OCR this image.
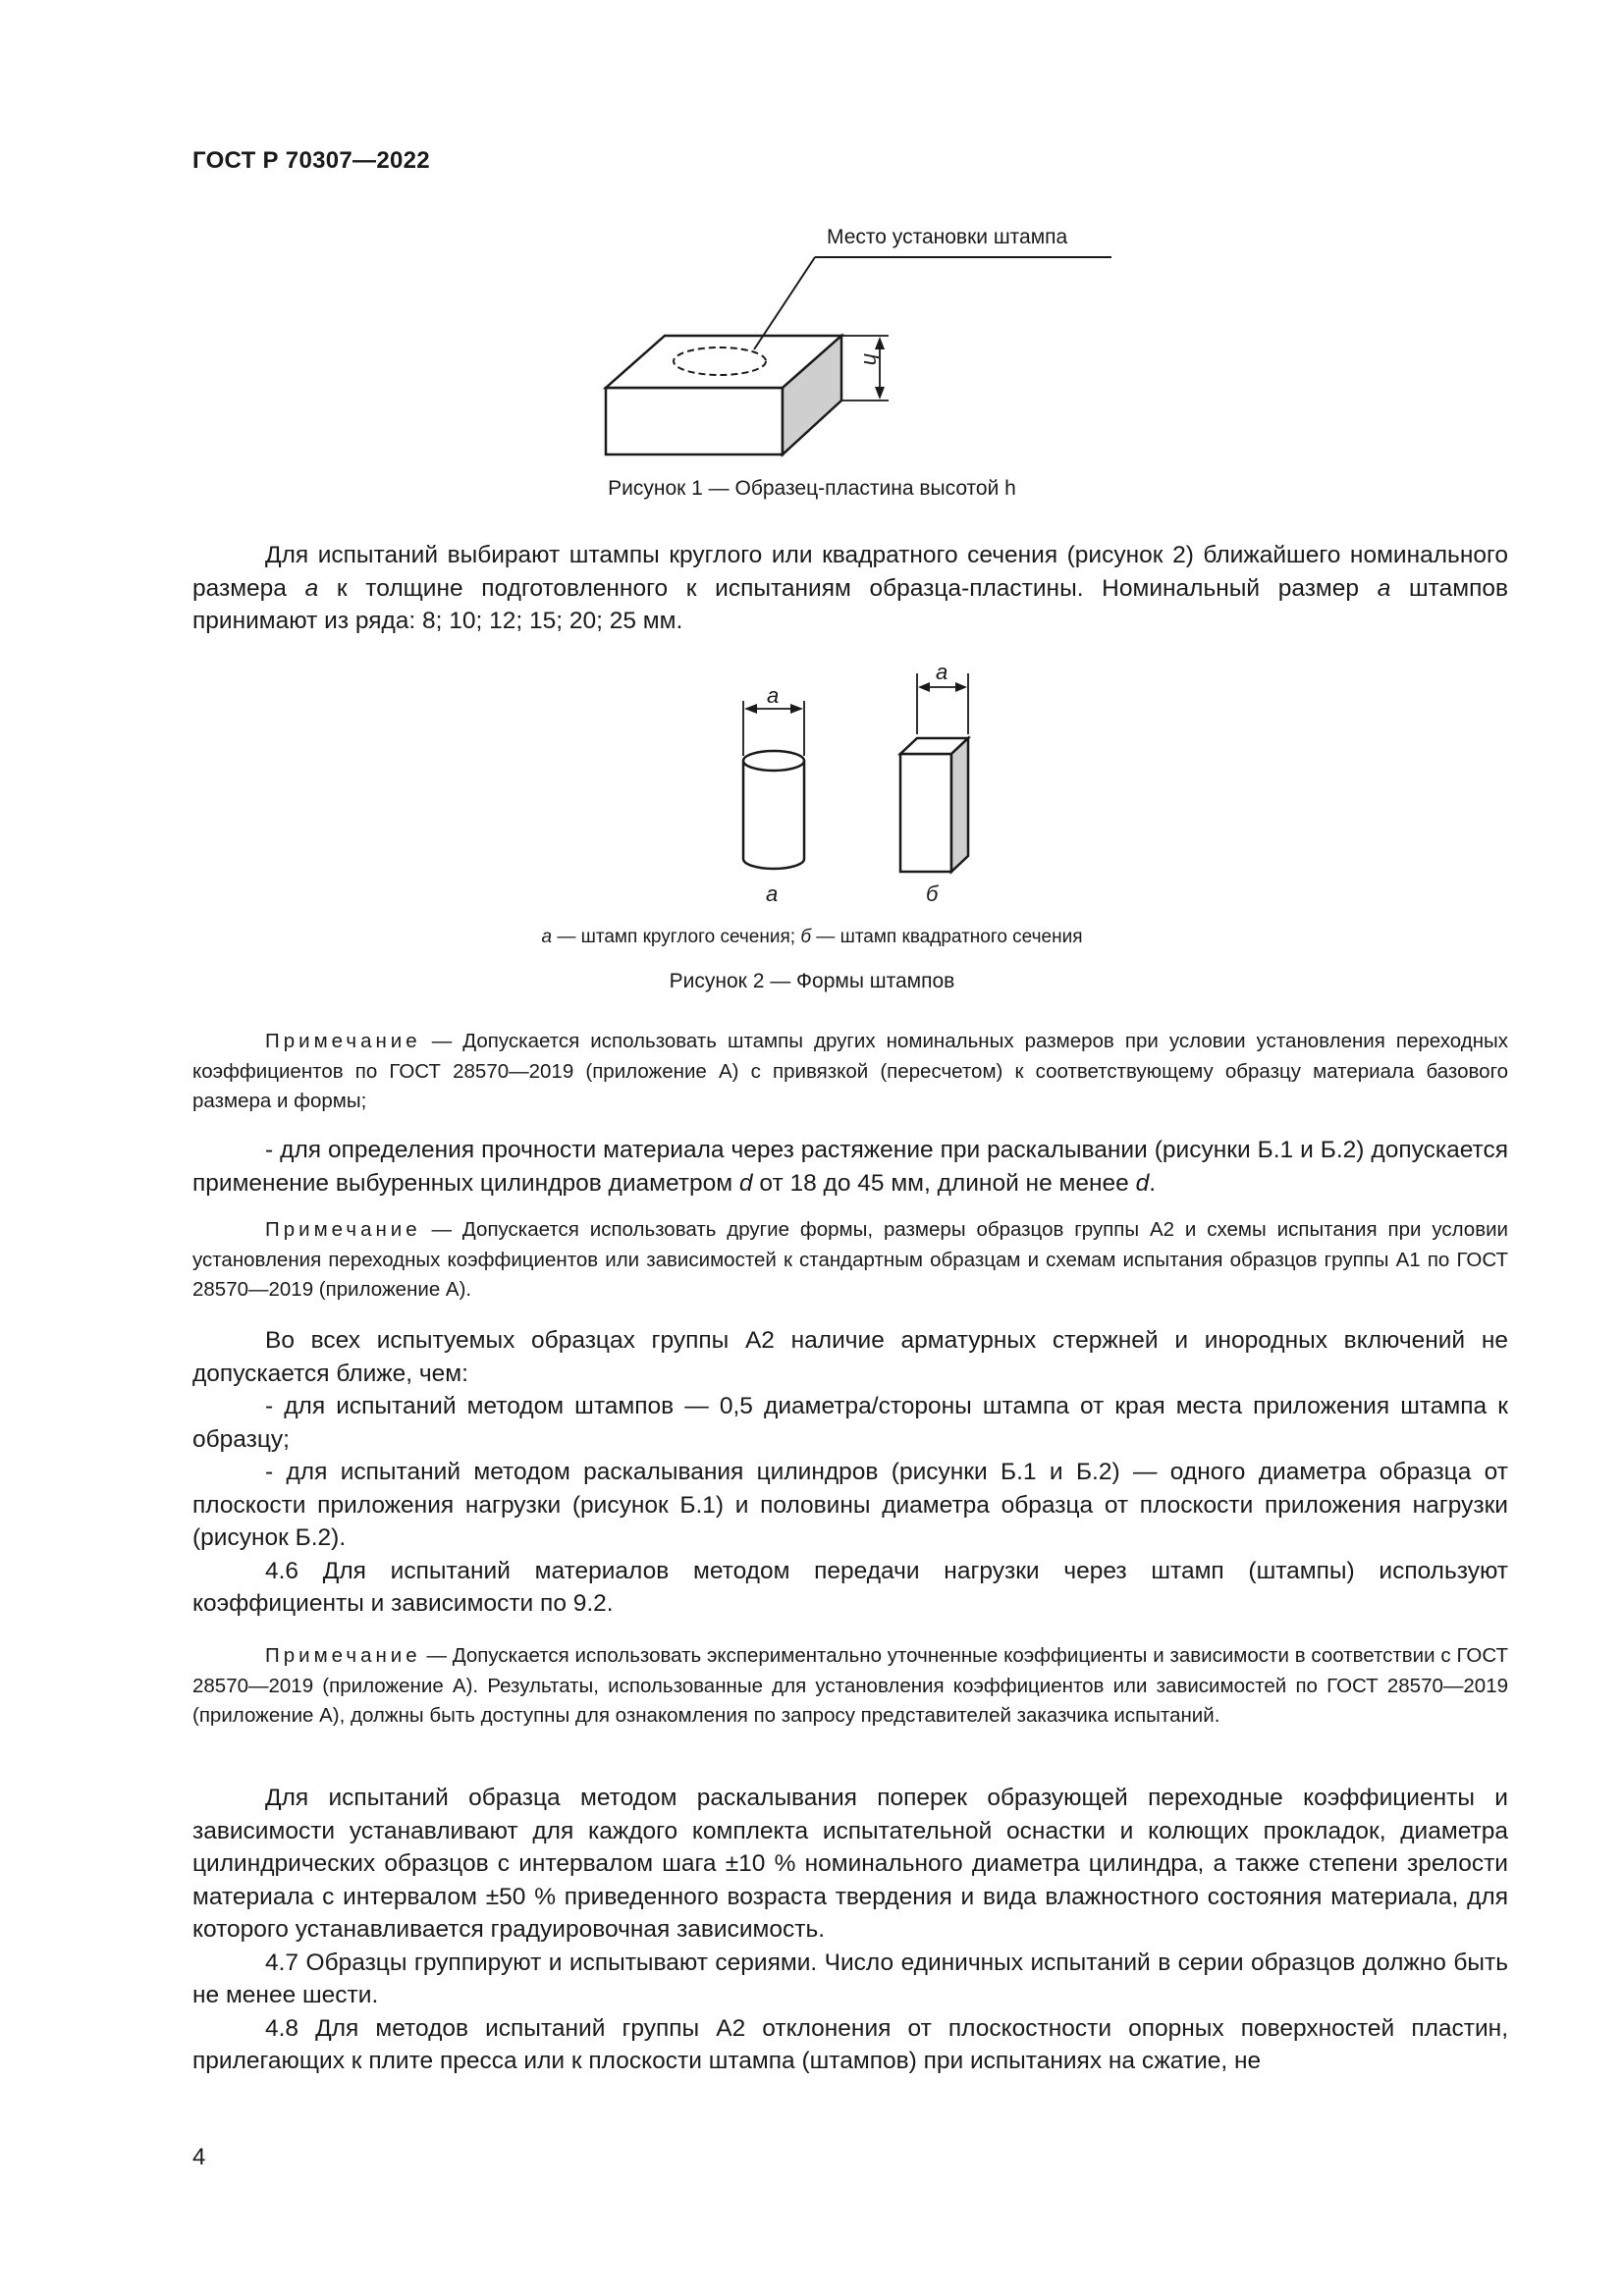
ГОСТ Р 70307—2022
Место установки штампа
h
Рисунок 1 — Образец-пластина высотой h

Для испытаний выбирают штампы круглого или квадратного сечения (рисунок 2) ближайшего номинального размера a к толщине подготовленного к испытаниям образца-пластины. Номинальный размер a штампов принимают из ряда: 8; 10; 12; 15; 20; 25 мм.

a
a
а	б
а — штамп круглого сечения; б — штамп квадратного сечения
Рисунок 2 — Формы штампов

Примечание — Допускается использовать штампы других номинальных размеров при условии установления переходных коэффициентов по ГОСТ 28570—2019 (приложение А) с привязкой (пересчетом) к соответствующему образцу материала базового размера и формы;

- для определения прочности материала через растяжение при раскалывании (рисунки Б.1 и Б.2) допускается применение выбуренных цилиндров диаметром d от 18 до 45 мм, длиной не менее d.

Примечание — Допускается использовать другие формы, размеры образцов группы А2 и схемы испытания при условии установления переходных коэффициентов или зависимостей к стандартным образцам и схемам испытания образцов группы А1 по ГОСТ 28570—2019 (приложение А).

Во всех испытуемых образцах группы А2 наличие арматурных стержней и инородных включений не допускается ближе, чем:

- для испытаний методом штампов — 0,5 диаметра/стороны штампа от края места приложения штампа к образцу;

- для испытаний методом раскалывания цилиндров (рисунки Б.1 и Б.2) — одного диаметра образца от плоскости приложения нагрузки (рисунок Б.1) и половины диаметра образца от плоскости приложения нагрузки (рисунок Б.2).

4.6 Для испытаний материалов методом передачи нагрузки через штамп (штампы) используют коэффициенты и зависимости по 9.2.

Примечание — Допускается использовать экспериментально уточненные коэффициенты и зависимости в соответствии с ГОСТ 28570—2019 (приложение А). Результаты, использованные для установления коэффициентов или зависимостей по ГОСТ 28570—2019 (приложение А), должны быть доступны для ознакомления по запросу представителей заказчика испытаний.

Для испытаний образца методом раскалывания поперек образующей переходные коэффициенты и зависимости устанавливают для каждого комплекта испытательной оснастки и колющих прокладок, диаметра цилиндрических образцов с интервалом шага ±10 % номинального диаметра цилиндра, а также степени зрелости материала с интервалом ±50 % приведенного возраста твердения и вида влажностного состояния материала, для которого устанавливается градуировочная зависимость.

4.7 Образцы группируют и испытывают сериями. Число единичных испытаний в серии образцов должно быть не менее шести.

4.8 Для методов испытаний группы А2 отклонения от плоскостности опорных поверхностей пластин, прилегающих к плите пресса или к плоскости штампа (штампов) при испытаниях на сжатие, не

4
